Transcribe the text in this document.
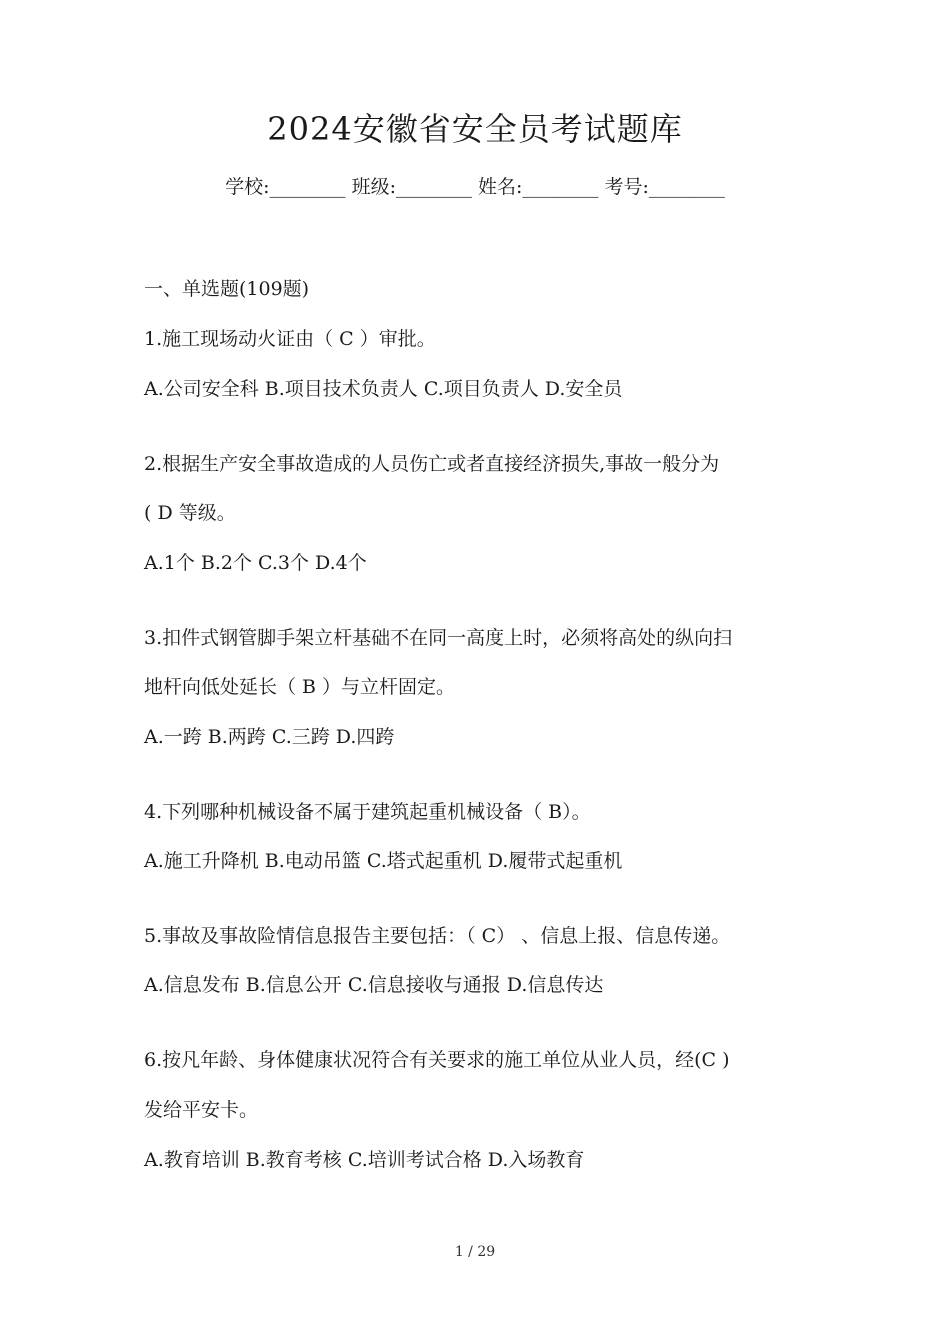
2024安徽省安全员考试题库
学校:________ 班级:________ 姓名:________ 考号:________
一、单选题(109题)
1.施工现场动火证由（ C ）审批。
A.公司安全科 B.项目技术负责人 C.项目负责人 D.安全员
2.根据生产安全事故造成的人员伤亡或者直接经济损失,事故一般分为
( D 等级。
A.1个 B.2个 C.3个 D.4个
3.扣件式钢管脚手架立杆基础不在同一高度上时，必须将高处的纵向扫
地杆向低处延长（ B ）与立杆固定。
A.一跨 B.两跨 C.三跨 D.四跨
4.下列哪种机械设备不属于建筑起重机械设备（ B）。
A.施工升降机 B.电动吊篮 C.塔式起重机 D.履带式起重机
5.事故及事故险情信息报告主要包括：（ C） 、信息上报、信息传递。
A.信息发布 B.信息公开 C.信息接收与通报 D.信息传达
6.按凡年龄、身体健康状况符合有关要求的施工单位从业人员，经(C )
发给平安卡。
A.教育培训 B.教育考核 C.培训考试合格 D.入场教育
1 / 29
